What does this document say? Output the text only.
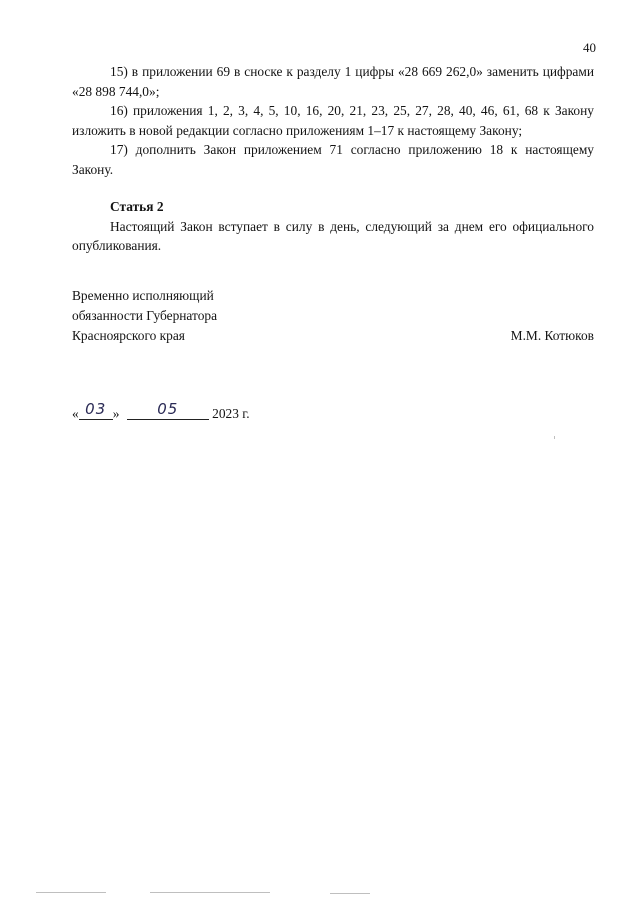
40

15) в приложении 69 в сноске к разделу 1 цифры «28 669 262,0» заменить цифрами «28 898 744,0»;

16) приложения 1, 2, 3, 4, 5, 10, 16, 20, 21, 23, 25, 27, 28, 40, 46, 61, 68 к Закону изложить в новой редакции согласно приложениям 1–17 к настоящему Закону;

17) дополнить Закон приложением 71 согласно приложению 18 к настоящему Закону.

Статья 2

Настоящий Закон вступает в силу в день, следующий за днем его официального опубликования.

Временно исполняющий
обязанности Губернатора
Красноярского края	М.М. Котюков
« 03 »	05	2023 г.
